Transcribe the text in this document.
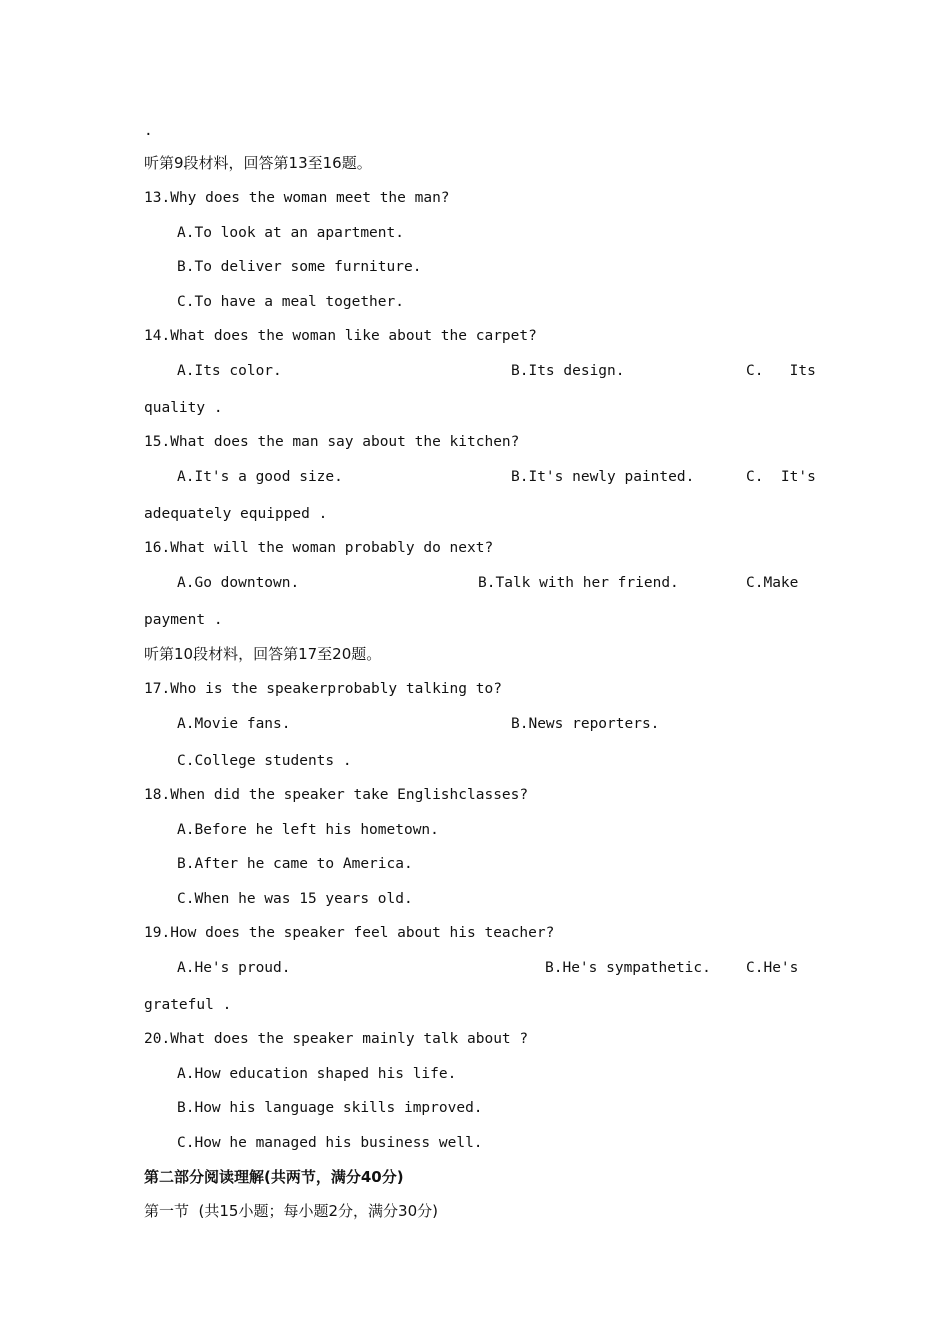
.
听第9段材料，回答第13至16题。
13.Why does the woman meet the man?
A.To look at an apartment.
B.To deliver some furniture.
C.To have a meal together.
14.What does the woman like about the carpet?
A.Its color.	B.Its design.	C.   Its
quality .
15.What does the man say about the kitchen?
A.It's a good size.	B.It's newly painted.	C.  It's
adequately equipped .
16.What will the woman probably do next?
A.Go downtown.	B.Talk with her friend.	C.Make
payment .
听第10段材料，回答第17至20题。
17.Who is the speakerprobably talking to?
A.Movie fans.	B.News reporters.
C.College students .
18.When did the speaker take Englishclasses?
A.Before he left his hometown.
B.After he came to America.
C.When he was 15 years old.
19.How does the speaker feel about his teacher?
A.He's proud.	B.He's sympathetic. C.He's
grateful .
20.What does the speaker mainly talk about ?
A.How education shaped his life.
B.How his language skills improved.
C.How he managed his business well.
第二部分阅读理解(共两节，满分40分)
第一节  (共15小题；每小题2分，满分30分)
